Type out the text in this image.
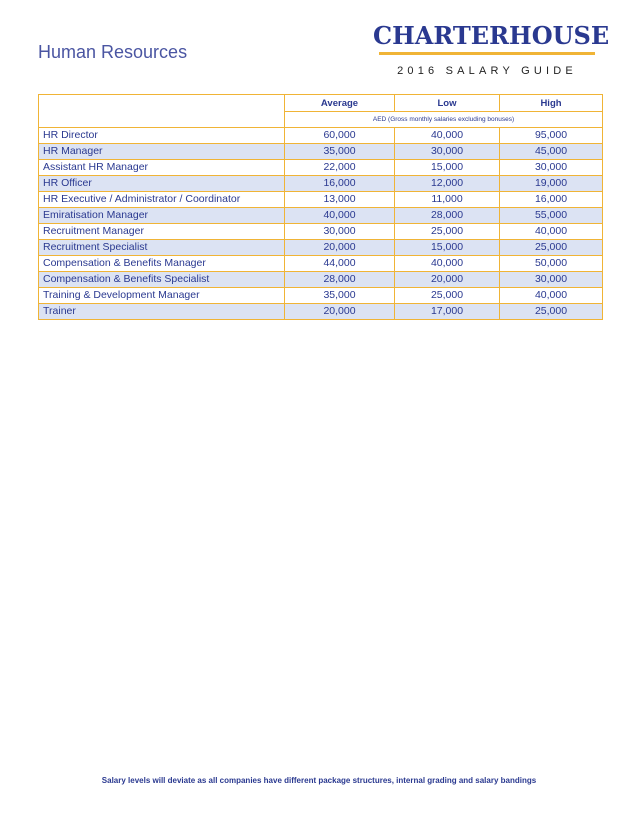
Human Resources
CHARTERHOUSE
2016 SALARY GUIDE
	Average	Low	High
	AED (Gross monthly salaries excluding bonuses)		
HR Director	60,000	40,000	95,000
HR Manager	35,000	30,000	45,000
Assistant HR Manager	22,000	15,000	30,000
HR Officer	16,000	12,000	19,000
HR Executive / Administrator / Coordinator	13,000	11,000	16,000
Emiratisation Manager	40,000	28,000	55,000
Recruitment Manager	30,000	25,000	40,000
Recruitment Specialist	20,000	15,000	25,000
Compensation & Benefits Manager	44,000	40,000	50,000
Compensation & Benefits Specialist	28,000	20,000	30,000
Training & Development Manager	35,000	25,000	40,000
Trainer	20,000	17,000	25,000
Salary levels will deviate as all companies have different package structures, internal grading and salary bandings
